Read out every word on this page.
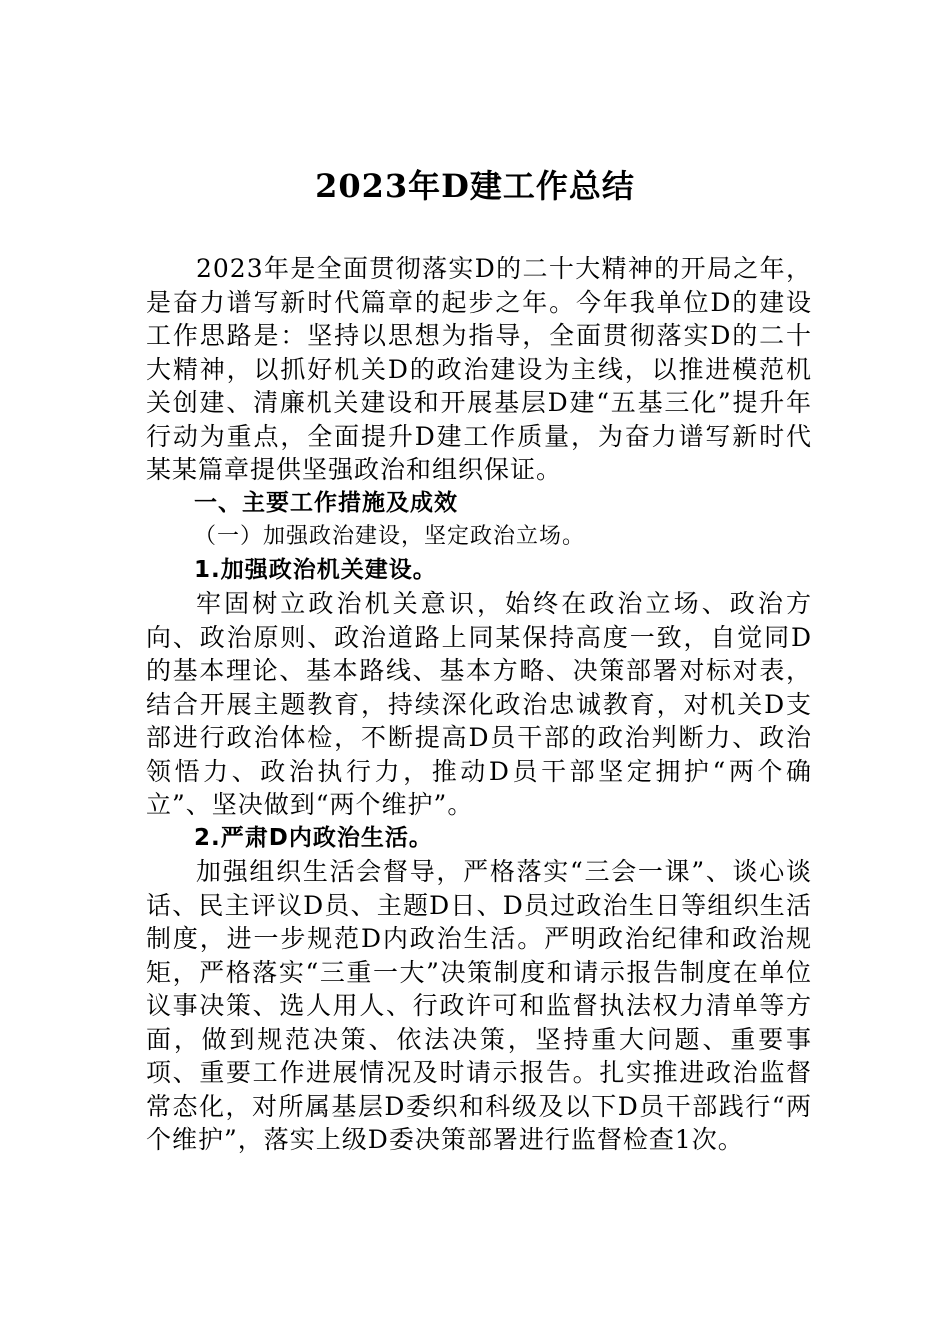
2023年D建工作总结

2023年是全面贯彻落实D的二十大精神的开局之年，是奋力谱写新时代篇章的起步之年。今年我单位D的建设工作思路是：坚持以思想为指导，全面贯彻落实D的二十大精神，以抓好机关D的政治建设为主线，以推进模范机关创建、清廉机关建设和开展基层D建“五基三化”提升年行动为重点，全面提升D建工作质量，为奋力谱写新时代某某篇章提供坚强政治和组织保证。

一、主要工作措施及成效

（一）加强政治建设，坚定政治立场。

1.加强政治机关建设。

牢固树立政治机关意识，始终在政治立场、政治方向、政治原则、政治道路上同某保持高度一致，自觉同D的基本理论、基本路线、基本方略、决策部署对标对表，结合开展主题教育，持续深化政治忠诚教育，对机关D支部进行政治体检，不断提高D员干部的政治判断力、政治领悟力、政治执行力，推动D员干部坚定拥护“两个确立”、坚决做到“两个维护”。

2.严肃D内政治生活。

加强组织生活会督导，严格落实“三会一课”、谈心谈话、民主评议D员、主题D日、D员过政治生日等组织生活制度，进一步规范D内政治生活。严明政治纪律和政治规矩，严格落实“三重一大”决策制度和请示报告制度在单位议事决策、选人用人、行政许可和监督执法权力清单等方面，做到规范决策、依法决策，坚持重大问题、重要事项、重要工作进展情况及时请示报告。扎实推进政治监督常态化，对所属基层D委织和科级及以下D员干部践行“两个维护”，落实上级D委决策部署进行监督检查1次。
